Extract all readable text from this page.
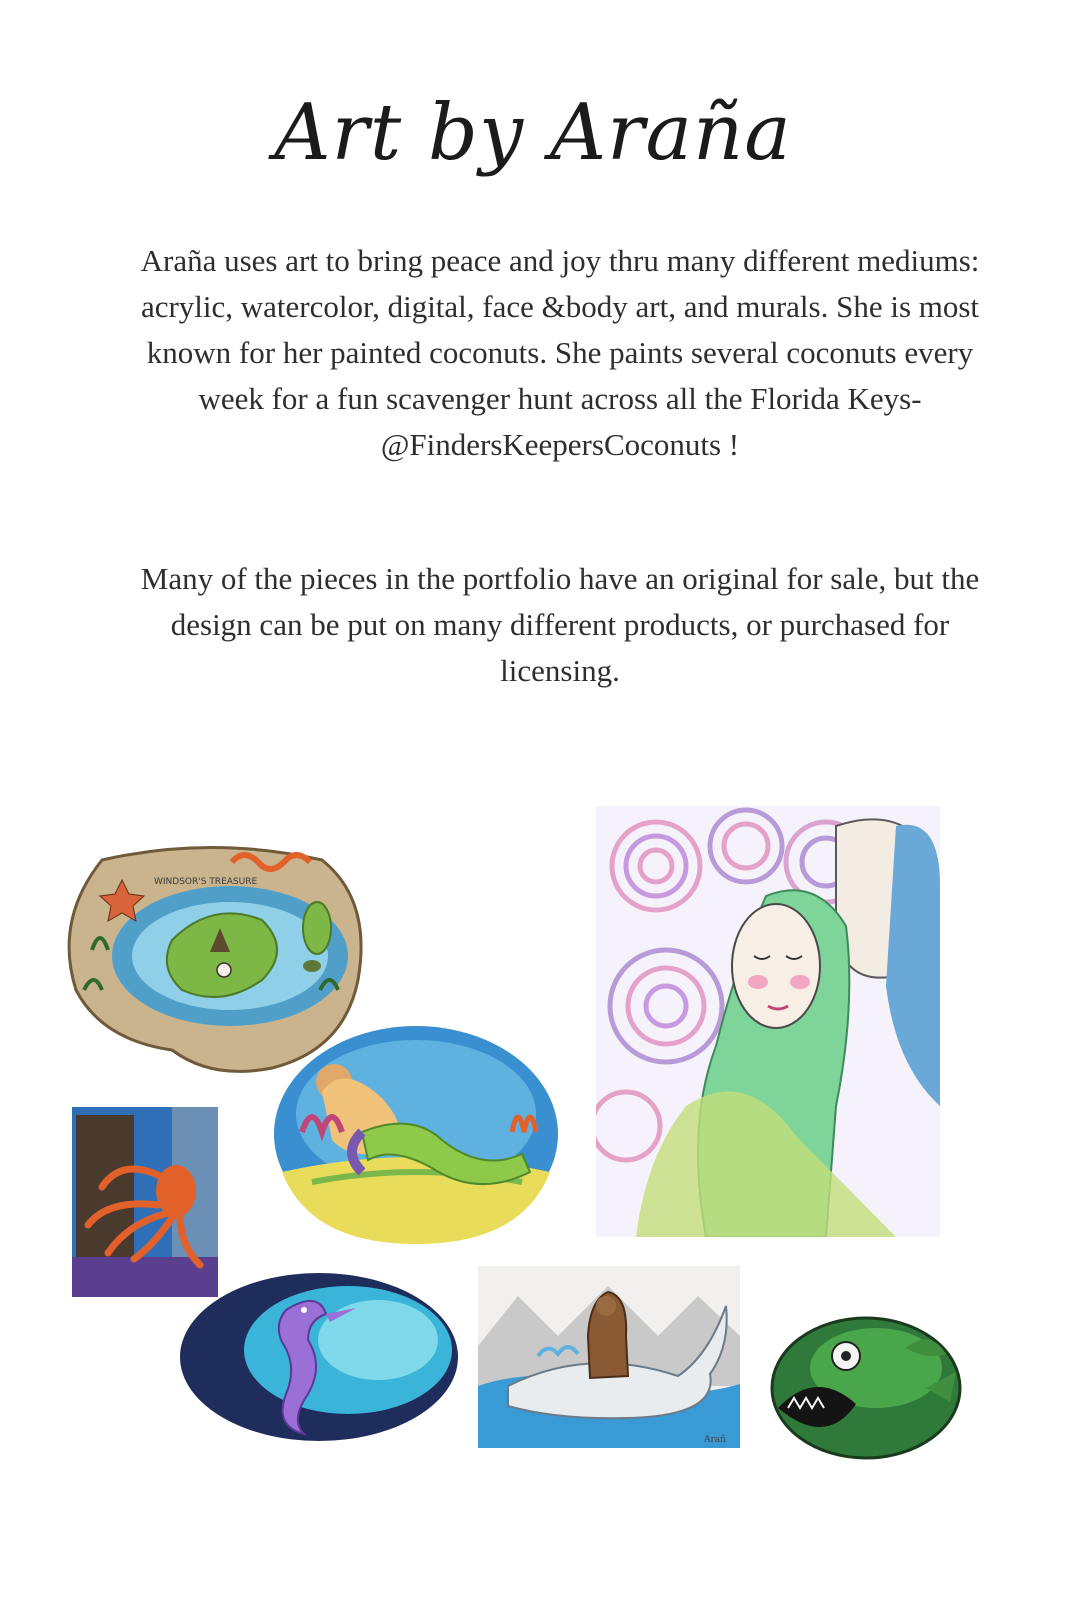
Art by Araña

Araña uses art to bring peace and joy thru many different mediums: acrylic, watercolor, digital, face &body art, and murals. She is most known for her painted coconuts. She paints several coconuts every week for a fun scavenger hunt across all the Florida Keys- @FindersKeepersCoconuts !

Many of the pieces in the portfolio have an original for sale, but the design can be put on many different products, or purchased for licensing.

WINDSOR'S TREASURE
Arañ
